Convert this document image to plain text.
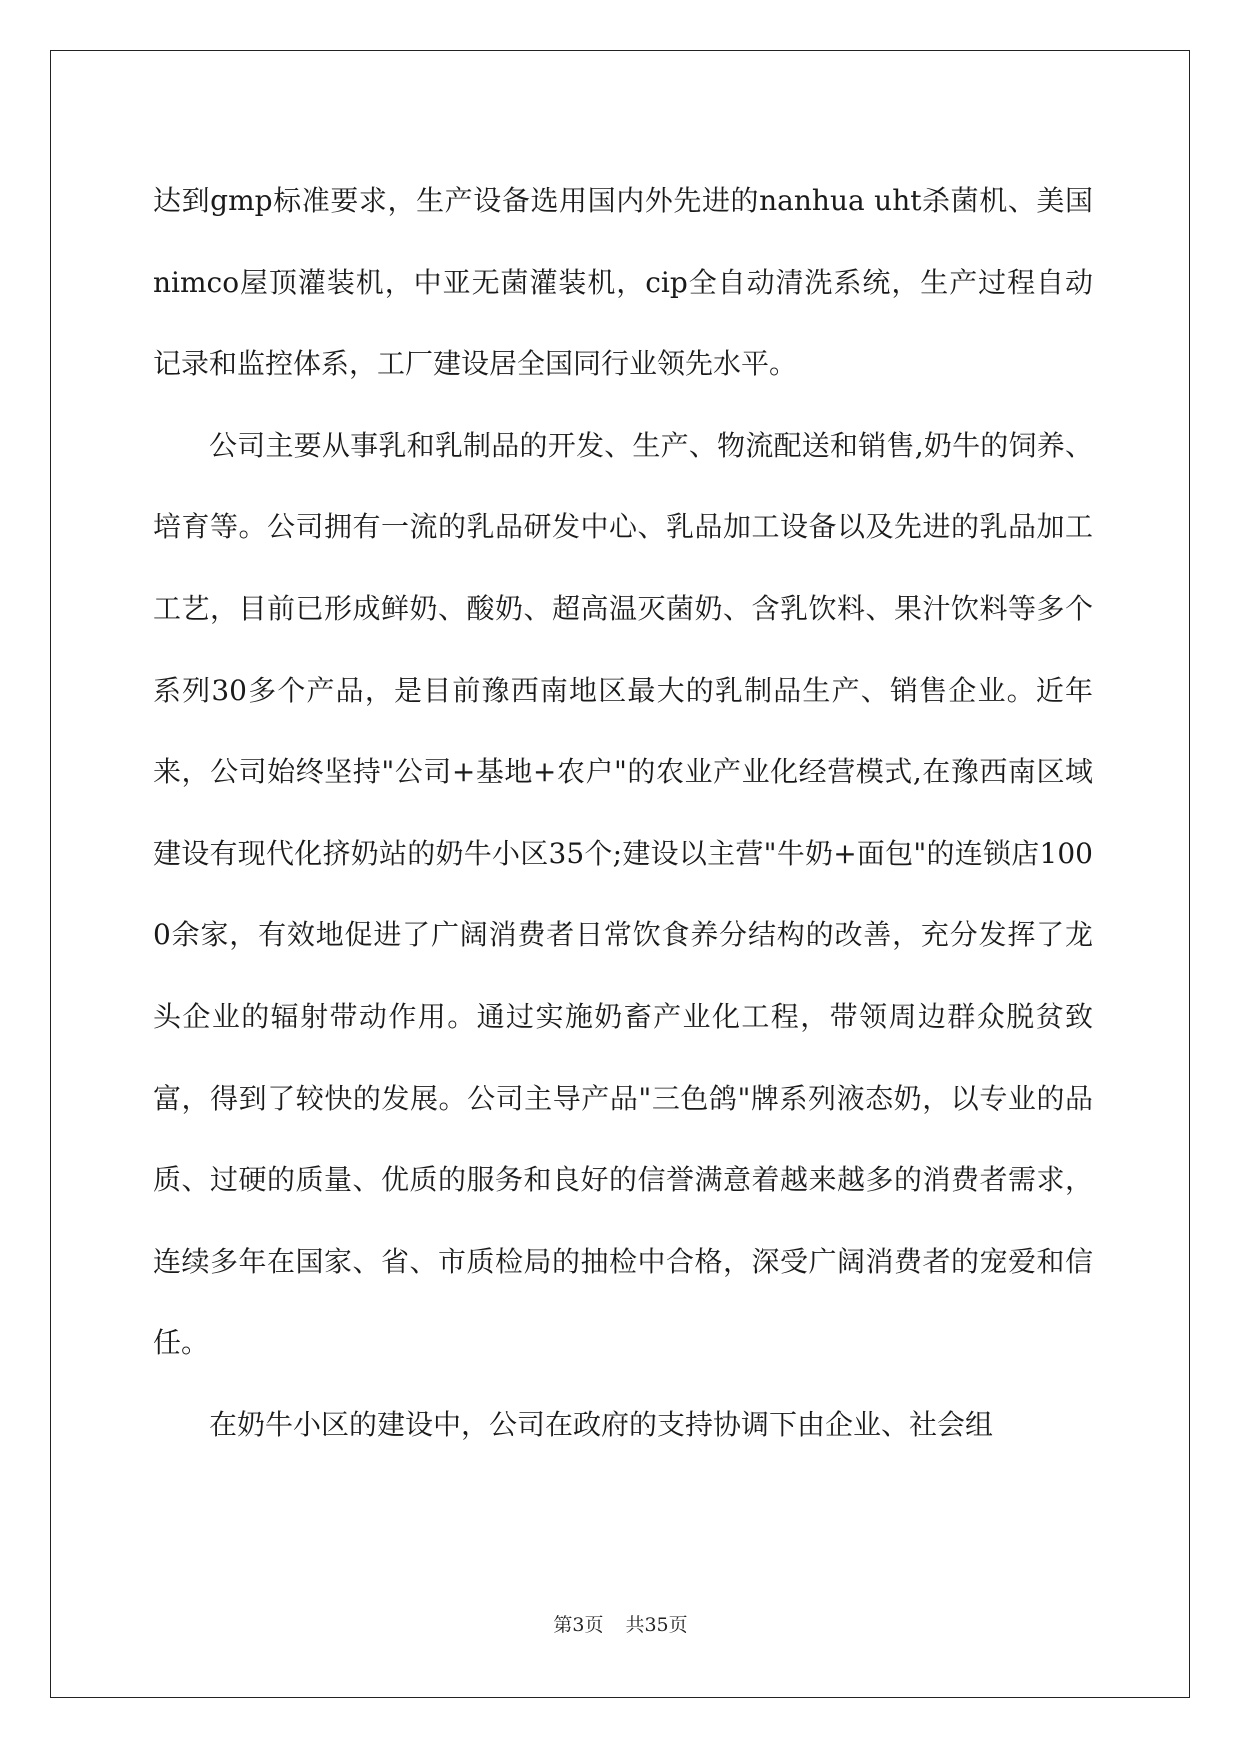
达到gmp标准要求，生产设备选用国内外先进的nanhua uht杀菌机、美国nimco屋顶灌装机，中亚无菌灌装机，cip全自动清洗系统，生产过程自动记录和监控体系，工厂建设居全国同行业领先水平。

公司主要从事乳和乳制品的开发、生产、物流配送和销售,奶牛的饲养、培育等。公司拥有一流的乳品研发中心、乳品加工设备以及先进的乳品加工工艺，目前已形成鲜奶、酸奶、超高温灭菌奶、含乳饮料、果汁饮料等多个系列30多个产品，是目前豫西南地区最大的乳制品生产、销售企业。近年来，公司始终坚持"公司+基地+农户"的农业产业化经营模式,在豫西南区域建设有现代化挤奶站的奶牛小区35个;建设以主营"牛奶+面包"的连锁店1000余家，有效地促进了广阔消费者日常饮食养分结构的改善，充分发挥了龙头企业的辐射带动作用。通过实施奶畜产业化工程，带领周边群众脱贫致富，得到了较快的发展。公司主导产品"三色鸽"牌系列液态奶，以专业的品质、过硬的质量、优质的服务和良好的信誉满意着越来越多的消费者需求，连续多年在国家、省、市质检局的抽检中合格，深受广阔消费者的宠爱和信任。

在奶牛小区的建设中，公司在政府的支持协调下由企业、社会组

第3页 共35页
